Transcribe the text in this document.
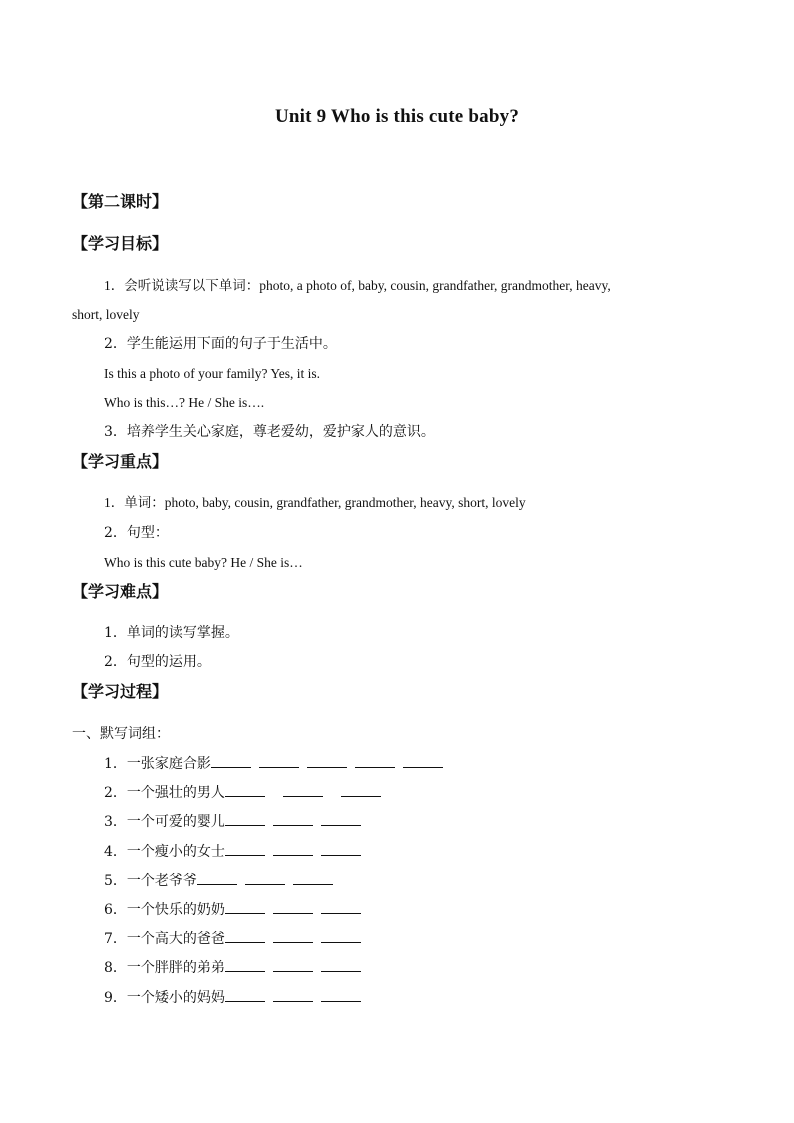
Unit 9 Who is this cute baby?
【第二课时】
【学习目标】
1．会听说读写以下单词：photo, a photo of, baby, cousin, grandfather, grandmother, heavy,
short, lovely
2．学生能运用下面的句子于生活中。
Is this a photo of your family? Yes, it is.
Who is this…? He / She is….
3．培养学生关心家庭，尊老爱幼，爱护家人的意识。
【学习重点】
1．单词：photo, baby, cousin, grandfather, grandmother, heavy, short, lovely
2．句型：
Who is this cute baby? He / She is…
【学习难点】
1．单词的读写掌握。
2．句型的运用。
【学习过程】
一、默写词组：
1．一张家庭合影
2．一个强壮的男人
3．一个可爱的婴儿
4．一个瘦小的女士
5．一个老爷爷
6．一个快乐的奶奶
7．一个高大的爸爸
8．一个胖胖的弟弟
9．一个矮小的妈妈
